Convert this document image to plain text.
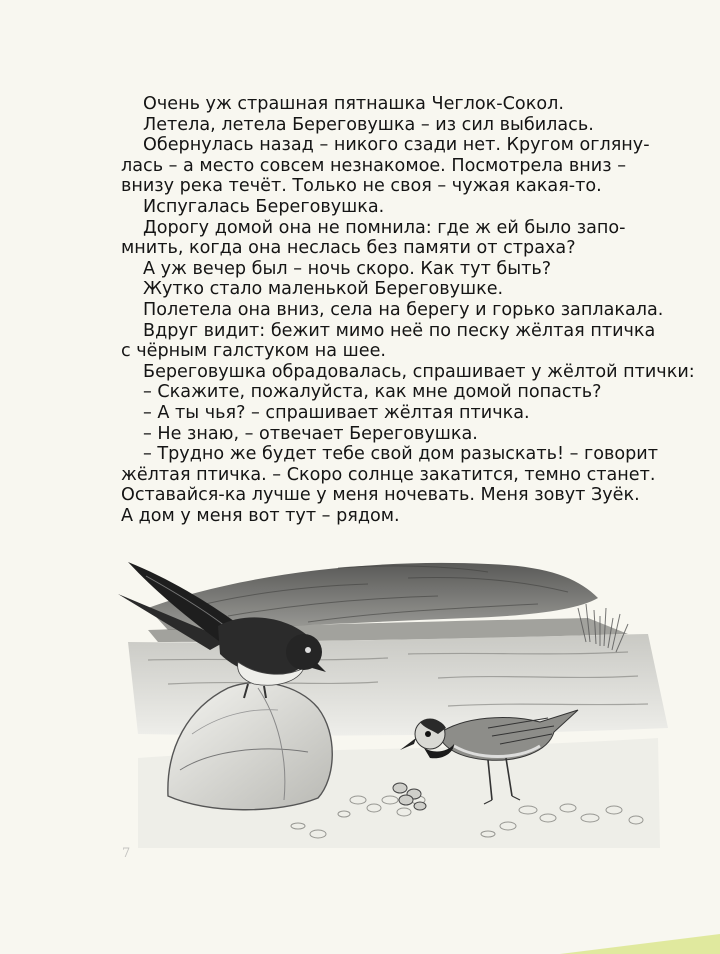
Очень уж страшная пятнашка Чеглок-Сокол.

Летела, летела Береговушка – из сил выбилась.

Обернулась назад – никого сзади нет. Кругом огляну-

лась – а место совсем незнакомое. Посмотрела вниз –

внизу река течёт. Только не своя – чужая какая-то.

Испугалась Береговушка.

Дорогу домой она не помнила: где ж ей было запо-

мнить, когда она неслась без памяти от страха?

А уж вечер был – ночь скоро. Как тут быть?

Жутко стало маленькой Береговушке.

Полетела она вниз, села на берегу и горько заплакала.

Вдруг видит: бежит мимо неё по песку жёлтая птичка

с чёрным галстуком на шее.

Береговушка обрадовалась, спрашивает у жёлтой птички:

– Скажите, пожалуйста, как мне домой попасть?

– А ты чья? – спрашивает жёлтая птичка.

– Не знаю, – отвечает Береговушка.

– Трудно же будет тебе свой дом разыскать! – говорит

жёлтая птичка. – Скоро солнце закатится, темно станет.

Оставайся-ка лучше у меня ночевать. Меня зовут Зуёк.

А дом у меня вот тут – рядом.

7
